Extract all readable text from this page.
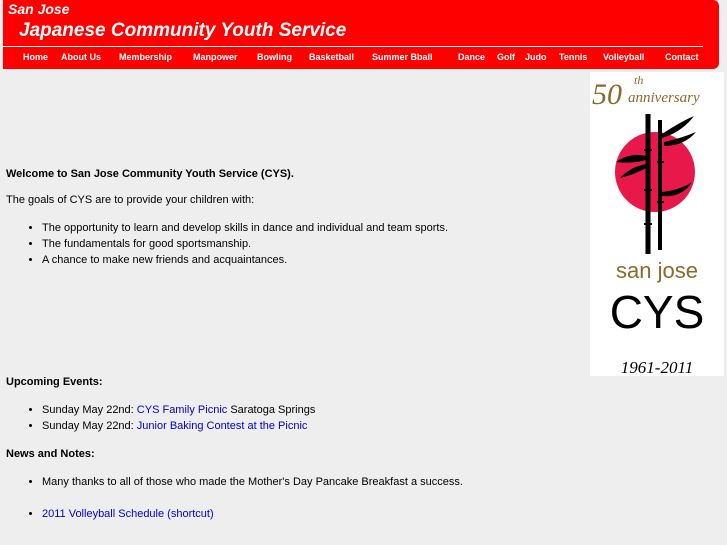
San Jose
Japanese Community Youth Service
Home About Us Membership Manpower Bowling Basketball Summer Bball	Dance Golf Judo Tennis Volleyball Contact
50 th
anniversary
san jose
CYS
1961-2011

Welcome to San Jose Community Youth Service (CYS).

The goals of CYS are to provide your children with:

• The opportunity to learn and develop skills in dance and individual and team sports.
• The fundamentals for good sportsmanship.
• A chance to make new friends and acquaintances.

Upcoming Events:

• Sunday May 22nd: CYS Family Picnic Saratoga Springs
• Sunday May 22nd: Junior Baking Contest at the Picnic

News and Notes:

• Many thanks to all of those who made the Mother's Day Pancake Breakfast a success.
• 2011 Volleyball Schedule (shortcut)
